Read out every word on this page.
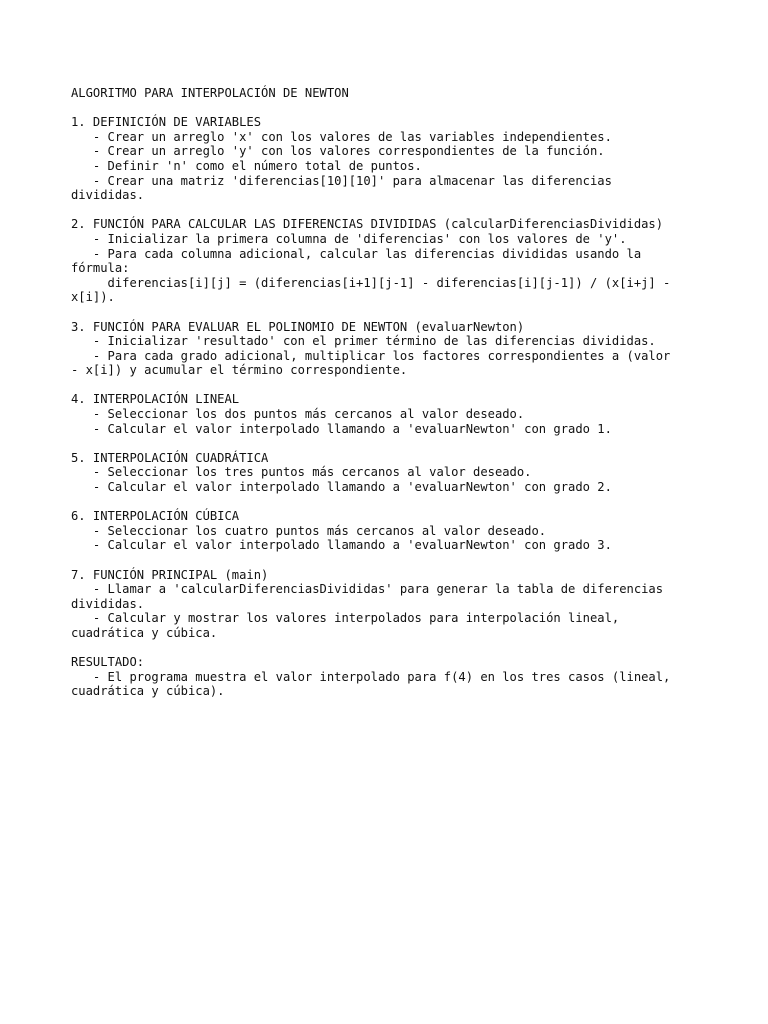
ALGORITMO PARA INTERPOLACIÓN DE NEWTON
1. DEFINICIÓN DE VARIABLES
- Crear un arreglo 'x' con los valores de las variables independientes.
- Crear un arreglo 'y' con los valores correspondientes de la función.
- Definir 'n' como el número total de puntos.
- Crear una matriz 'diferencias[10][10]' para almacenar las diferencias
divididas.
2. FUNCIÓN PARA CALCULAR LAS DIFERENCIAS DIVIDIDAS (calcularDiferenciasDivididas)
- Inicializar la primera columna de 'diferencias' con los valores de 'y'.
- Para cada columna adicional, calcular las diferencias divididas usando la
fórmula:
diferencias[i][j] = (diferencias[i+1][j-1] - diferencias[i][j-1]) / (x[i+j] -
x[i]).
3. FUNCIÓN PARA EVALUAR EL POLINOMIO DE NEWTON (evaluarNewton)
- Inicializar 'resultado' con el primer término de las diferencias divididas.
- Para cada grado adicional, multiplicar los factores correspondientes a (valor
- x[i]) y acumular el término correspondiente.
4. INTERPOLACIÓN LINEAL
- Seleccionar los dos puntos más cercanos al valor deseado.
- Calcular el valor interpolado llamando a 'evaluarNewton' con grado 1.
5. INTERPOLACIÓN CUADRÁTICA
- Seleccionar los tres puntos más cercanos al valor deseado.
- Calcular el valor interpolado llamando a 'evaluarNewton' con grado 2.
6. INTERPOLACIÓN CÚBICA
- Seleccionar los cuatro puntos más cercanos al valor deseado.
- Calcular el valor interpolado llamando a 'evaluarNewton' con grado 3.
7. FUNCIÓN PRINCIPAL (main)
- Llamar a 'calcularDiferenciasDivididas' para generar la tabla de diferencias
divididas.
- Calcular y mostrar los valores interpolados para interpolación lineal,
cuadrática y cúbica.
RESULTADO:
- El programa muestra el valor interpolado para f(4) en los tres casos (lineal,
cuadrática y cúbica).
